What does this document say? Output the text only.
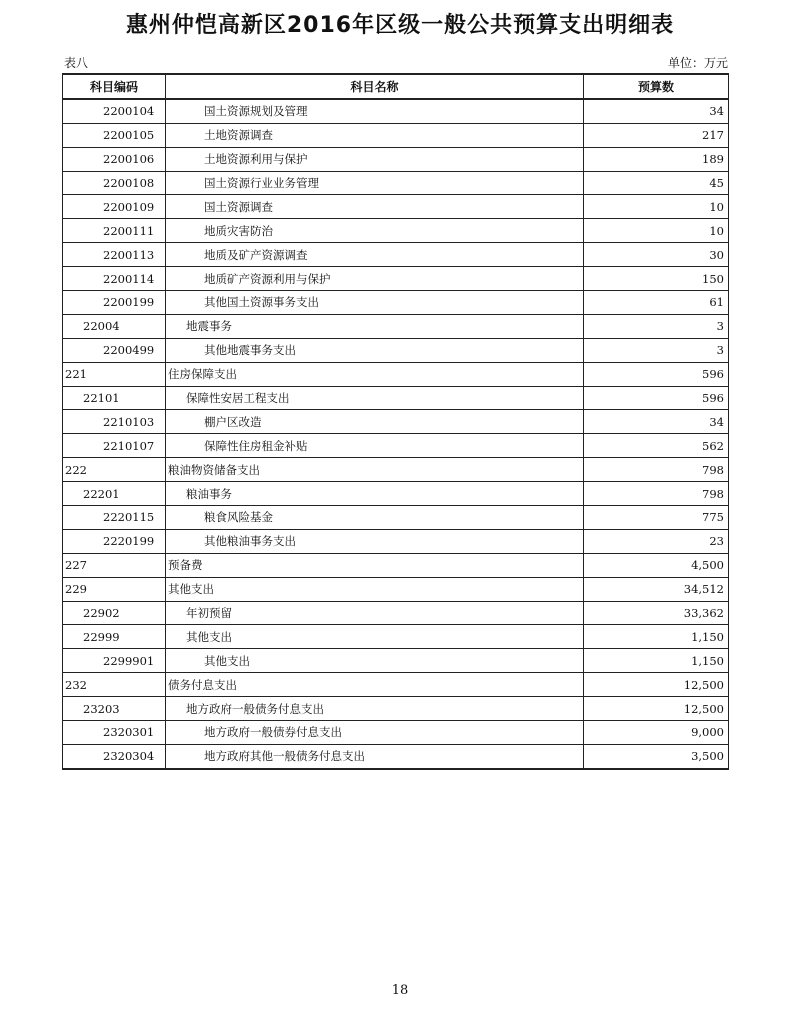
惠州仲恺高新区2016年区级一般公共预算支出明细表
表八	单位：万元
科目编码	科目名称	预算数
2200104	国土资源规划及管理	34
2200105	土地资源调查	217
2200106	土地资源利用与保护	189
2200108	国土资源行业业务管理	45
2200109	国土资源调查	10
2200111	地质灾害防治	10
2200113	地质及矿产资源调查	30
2200114	地质矿产资源利用与保护	150
2200199	其他国土资源事务支出	61
22004	地震事务	3
2200499	其他地震事务支出	3
221	住房保障支出	596
22101	保障性安居工程支出	596
2210103	棚户区改造	34
2210107	保障性住房租金补贴	562
222	粮油物资储备支出	798
22201	粮油事务	798
2220115	粮食风险基金	775
2220199	其他粮油事务支出	23
227	预备费	4,500
229	其他支出	34,512
22902	年初预留	33,362
22999	其他支出	1,150
2299901	其他支出	1,150
232	债务付息支出	12,500
23203	地方政府一般债务付息支出	12,500
2320301	地方政府一般债券付息支出	9,000
2320304	地方政府其他一般债务付息支出	3,500
18
